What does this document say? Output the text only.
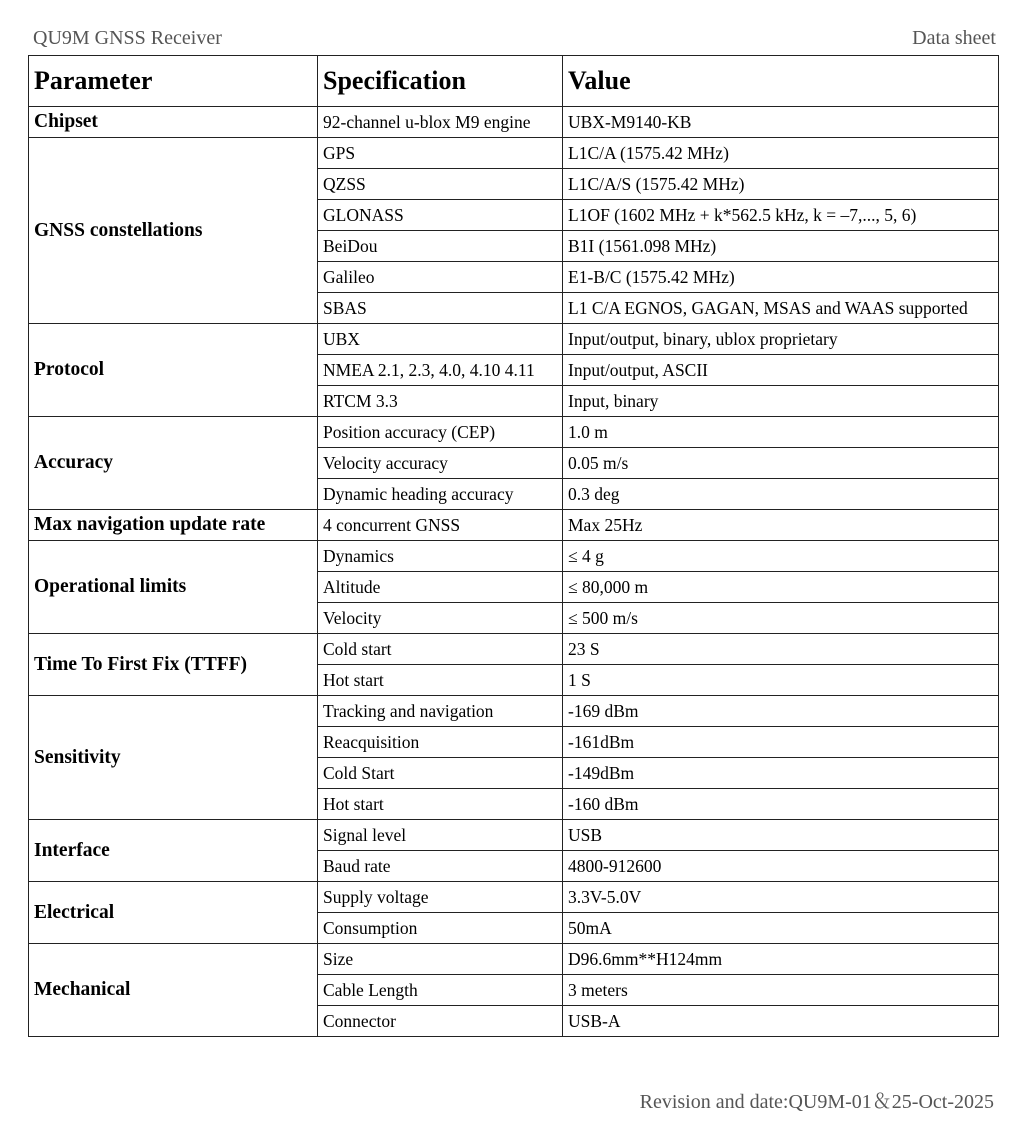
QU9M GNSS Receiver	Data sheet
Parameter	Specification	Value
Chipset	92-channel u-blox M9 engine	UBX-M9140-KB
GNSS constellations	GPS	L1C/A (1575.42 MHz)
	QZSS	L1C/A/S (1575.42 MHz)
	GLONASS	L1OF (1602 MHz + k*562.5 kHz, k = –7,..., 5, 6)
	BeiDou	B1I (1561.098 MHz)
	Galileo	E1-B/C (1575.42 MHz)
	SBAS	L1 C/A EGNOS, GAGAN, MSAS and WAAS supported
Protocol	UBX	Input/output, binary, ublox proprietary
	NMEA 2.1, 2.3, 4.0, 4.10 4.11	Input/output, ASCII
	RTCM 3.3	Input, binary
Accuracy	Position accuracy (CEP)	1.0 m
	Velocity accuracy	0.05 m/s
	Dynamic heading accuracy	0.3 deg
Max navigation update rate	4 concurrent GNSS	Max 25Hz
Operational limits	Dynamics	≤ 4 g
	Altitude	≤ 80,000 m
	Velocity	≤ 500 m/s
Time To First Fix (TTFF)	Cold start	23 S
	Hot start	1 S
Sensitivity	Tracking and navigation	-169 dBm
	Reacquisition	-161dBm
	Cold Start	-149dBm
	Hot start	-160 dBm
Interface	Signal level	USB
	Baud rate	4800-912600
Electrical	Supply voltage	3.3V-5.0V
	Consumption	50mA
Mechanical	Size	D96.6mm**H124mm
	Cable Length	3 meters
	Connector	USB-A
Revision and date:QU9M-01＆25-Oct-2025
